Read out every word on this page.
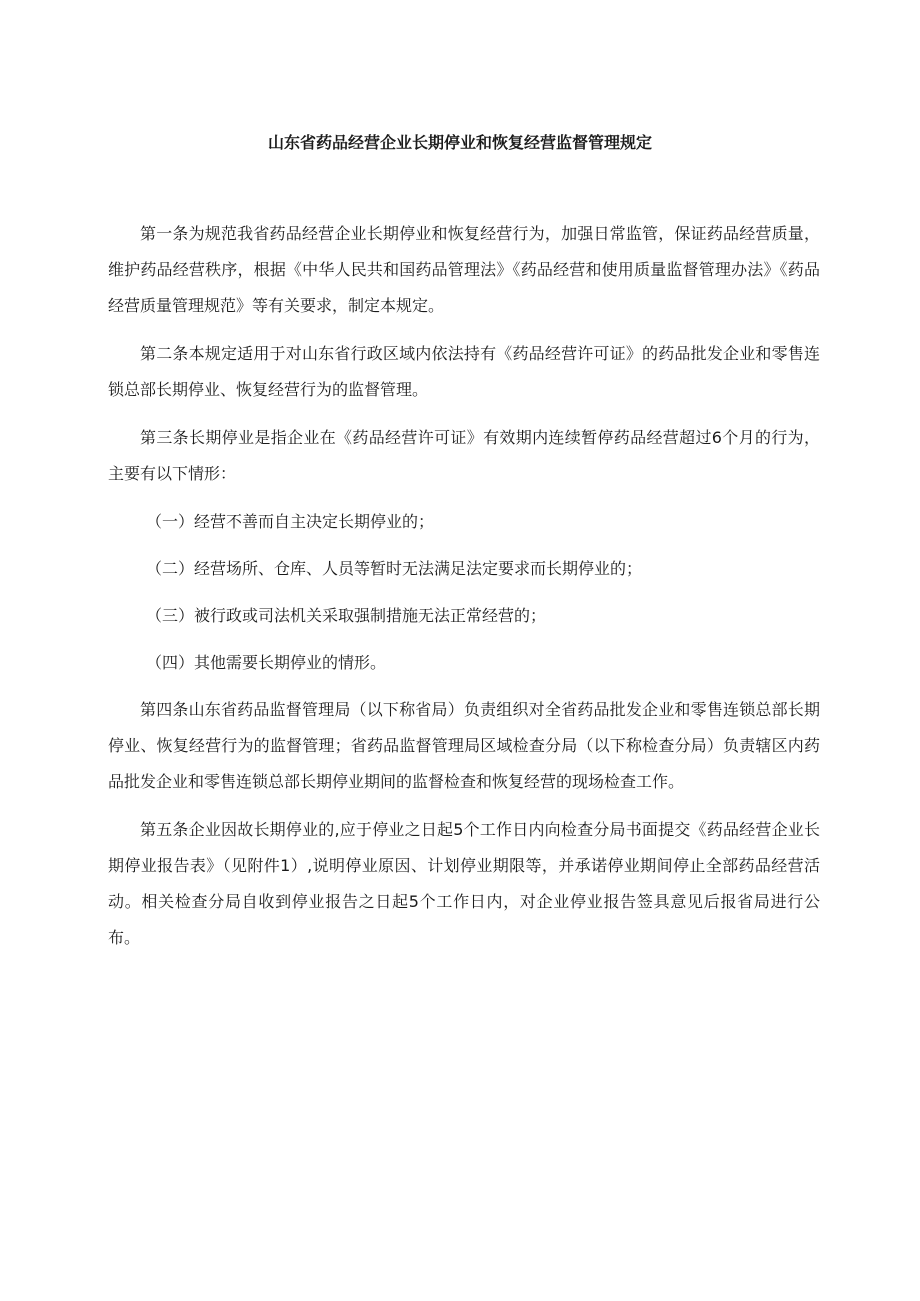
山东省药品经营企业长期停业和恢复经营监督管理规定

第一条为规范我省药品经营企业长期停业和恢复经营行为，加强日常监管，保证药品经营质量，维护药品经营秩序，根据《中华人民共和国药品管理法》《药品经营和使用质量监督管理办法》《药品经营质量管理规范》等有关要求，制定本规定。

第二条本规定适用于对山东省行政区域内依法持有《药品经营许可证》的药品批发企业和零售连锁总部长期停业、恢复经营行为的监督管理。

第三条长期停业是指企业在《药品经营许可证》有效期内连续暂停药品经营超过6个月的行为，主要有以下情形：

（一）经营不善而自主决定长期停业的；

（二）经营场所、仓库、人员等暂时无法满足法定要求而长期停业的；

（三）被行政或司法机关采取强制措施无法正常经营的；

（四）其他需要长期停业的情形。

第四条山东省药品监督管理局（以下称省局）负责组织对全省药品批发企业和零售连锁总部长期停业、恢复经营行为的监督管理；省药品监督管理局区域检查分局（以下称检查分局）负责辖区内药品批发企业和零售连锁总部长期停业期间的监督检查和恢复经营的现场检查工作。

第五条企业因故长期停业的,应于停业之日起5个工作日内向检查分局书面提交《药品经营企业长期停业报告表》（见附件1）,说明停业原因、计划停业期限等，并承诺停业期间停止全部药品经营活动。相关检查分局自收到停业报告之日起5个工作日内，对企业停业报告签具意见后报省局进行公布。
